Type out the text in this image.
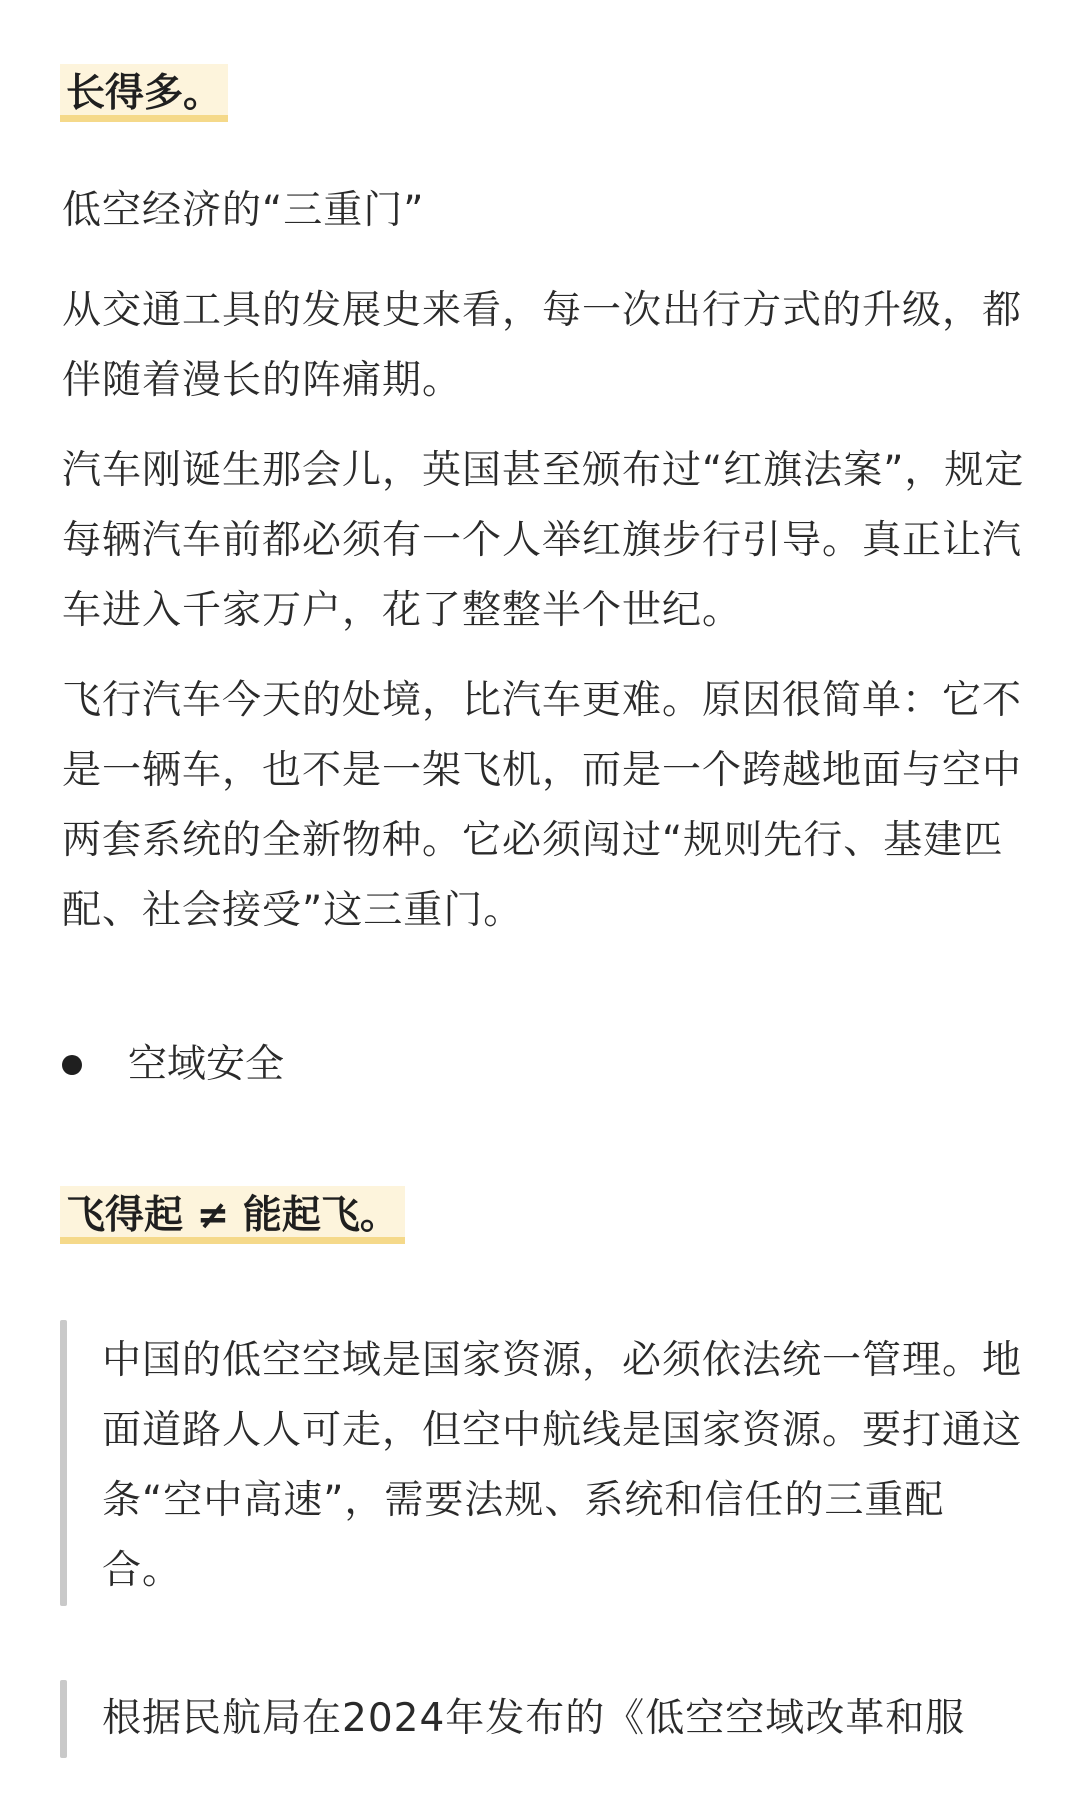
长得多。

低空经济的“三重门”

从交通工具的发展史来看，每一次出行方式的升级，都伴随着漫长的阵痛期。

汽车刚诞生那会儿，英国甚至颁布过“红旗法案”，规定每辆汽车前都必须有一个人举红旗步行引导。真正让汽车进入千家万户，花了整整半个世纪。

飞行汽车今天的处境，比汽车更难。原因很简单：它不是一辆车，也不是一架飞机，而是一个跨越地面与空中两套系统的全新物种。它必须闯过“规则先行、基建匹配、社会接受”这三重门。

空域安全
飞得起 ≠ 能起飞。

中国的低空空域是国家资源，必须依法统一管理。地面道路人人可走，但空中航线是国家资源。要打通这条“空中高速”，需要法规、系统和信任的三重配合。

根据民航局在2024年发布的《低空空域改革和服
